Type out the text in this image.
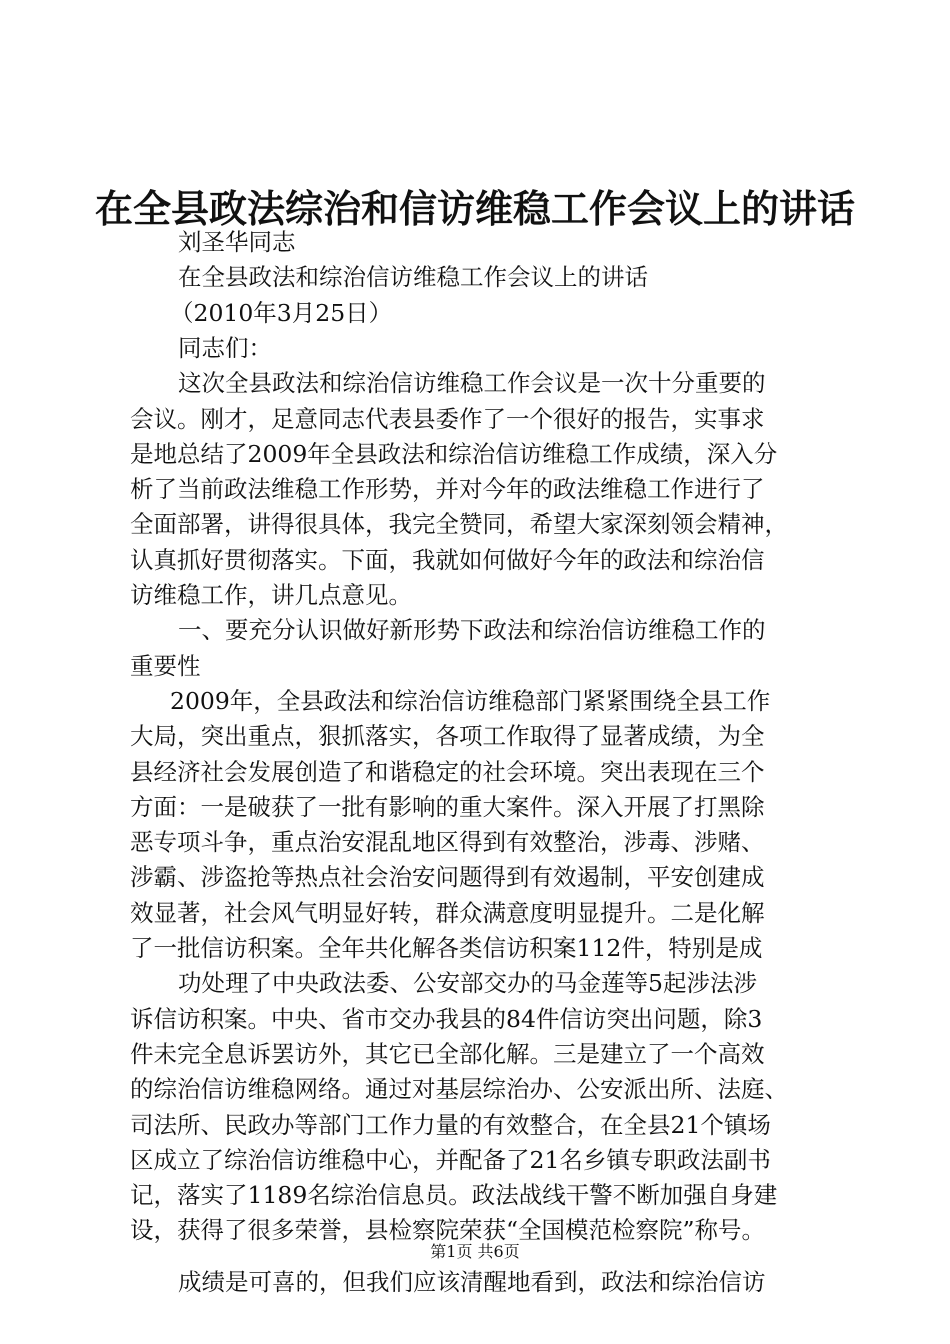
在全县政法综治和信访维稳工作会议上的讲话
刘圣华同志
在全县政法和综治信访维稳工作会议上的讲话
（2010年3月25日）
同志们：
这次全县政法和综治信访维稳工作会议是一次十分重要的
会议。刚才，足意同志代表县委作了一个很好的报告，实事求
是地总结了2009年全县政法和综治信访维稳工作成绩，深入分
析了当前政法维稳工作形势，并对今年的政法维稳工作进行了
全面部署，讲得很具体，我完全赞同，希望大家深刻领会精神，
认真抓好贯彻落实。下面，我就如何做好今年的政法和综治信
访维稳工作，讲几点意见。
一、要充分认识做好新形势下政法和综治信访维稳工作的
重要性
2009年，全县政法和综治信访维稳部门紧紧围绕全县工作
大局，突出重点，狠抓落实，各项工作取得了显著成绩，为全
县经济社会发展创造了和谐稳定的社会环境。突出表现在三个
方面：一是破获了一批有影响的重大案件。深入开展了打黑除
恶专项斗争，重点治安混乱地区得到有效整治，涉毒、涉赌、
涉霸、涉盗抢等热点社会治安问题得到有效遏制，平安创建成
效显著，社会风气明显好转，群众满意度明显提升。二是化解
了一批信访积案。全年共化解各类信访积案112件，特别是成
功处理了中央政法委、公安部交办的马金莲等5起涉法涉
诉信访积案。中央、省市交办我县的84件信访突出问题，除3
件未完全息诉罢访外，其它已全部化解。三是建立了一个高效
的综治信访维稳网络。通过对基层综治办、公安派出所、法庭、
司法所、民政办等部门工作力量的有效整合，在全县21个镇场
区成立了综治信访维稳中心，并配备了21名乡镇专职政法副书
记，落实了1189名综治信息员。政法战线干警不断加强自身建
设，获得了很多荣誉，县检察院荣获“全国模范检察院”称号。
成绩是可喜的，但我们应该清醒地看到，政法和综治信访
第1页 共6页
